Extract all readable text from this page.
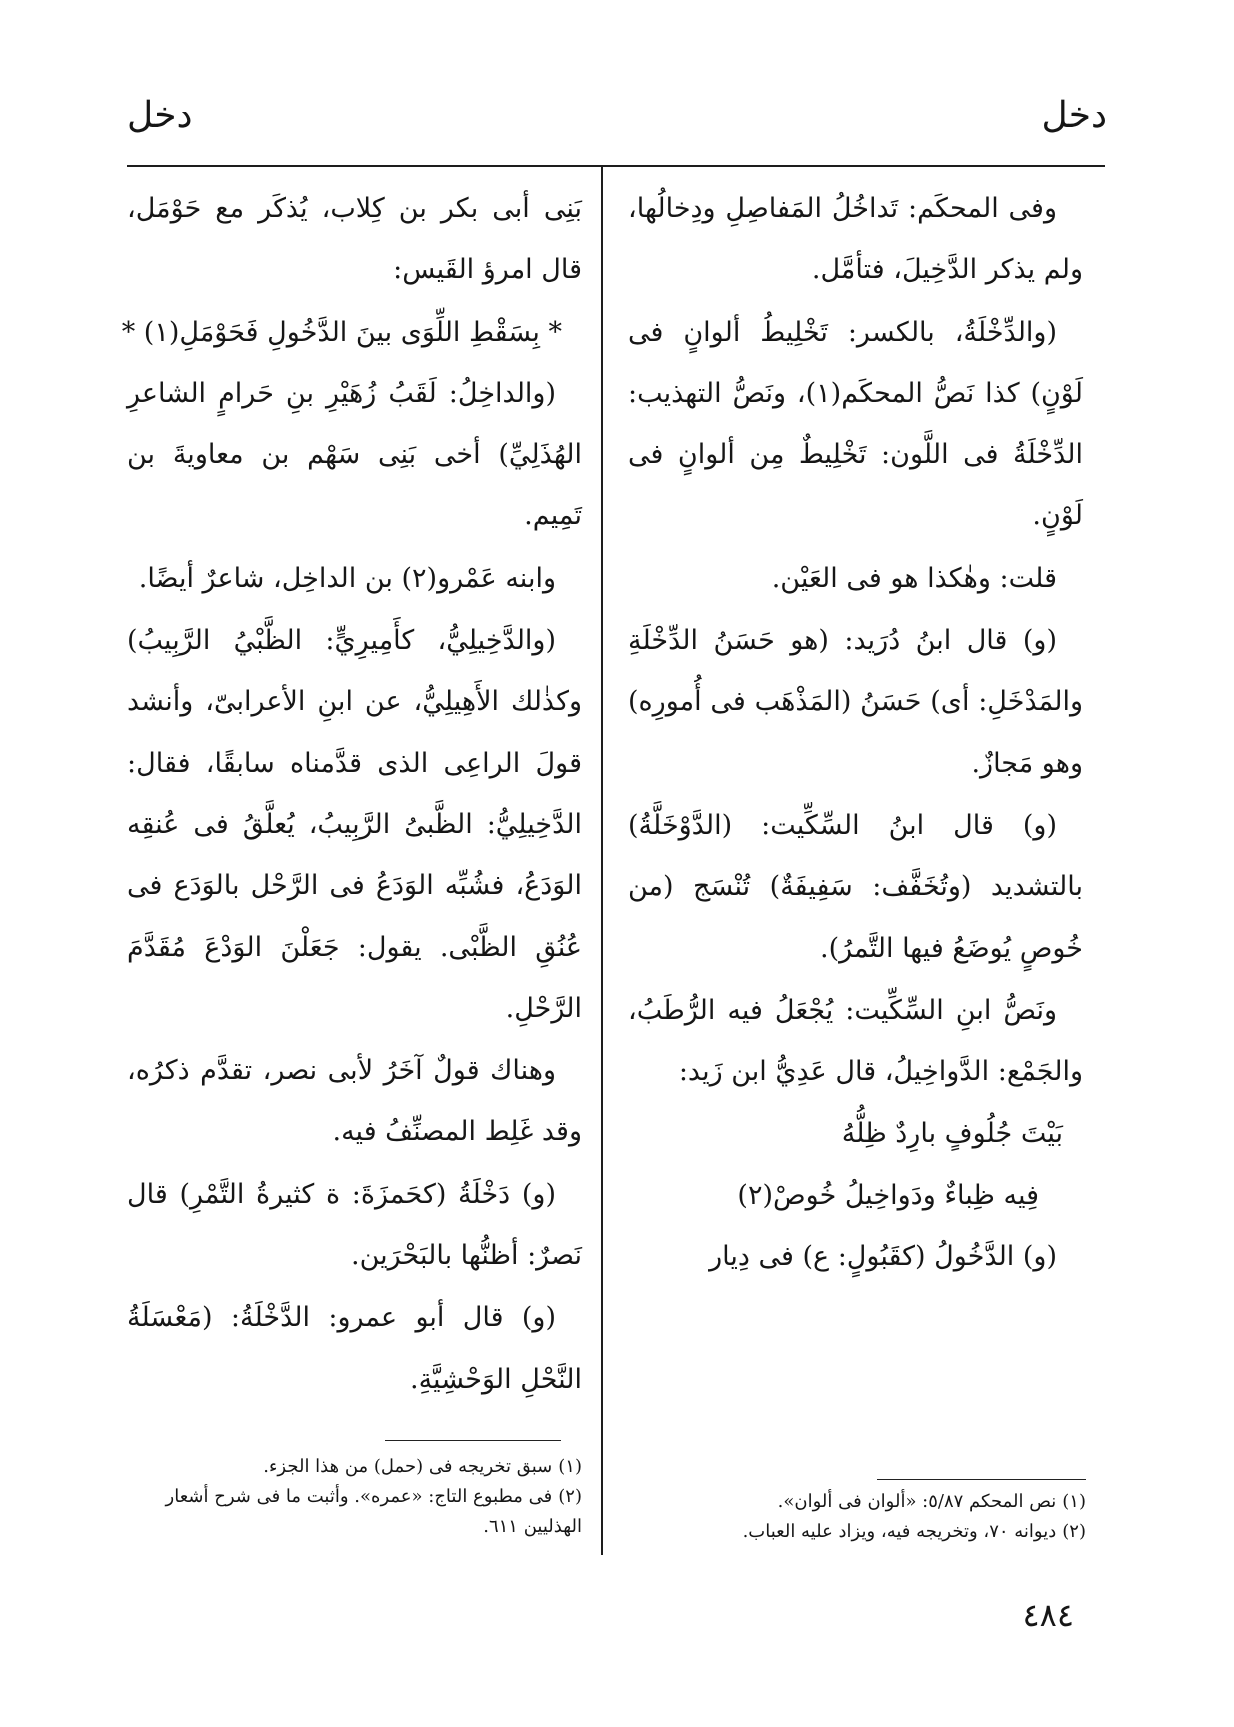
دخل
دخل

وفى المحكَم: تَداخُلُ المَفاصِلِ ودِخالُها، ولم يذكر الدَّخِيلَ، فتأمَّل.

(والدِّخْلَةُ، بالكسر: تَخْلِيطُ ألوانٍ فى لَوْنٍ) كذا نَصُّ المحكَم(١)، ونَصُّ التهذيب: الدِّخْلَةُ فى اللَّون: تَخْلِيطٌ مِن ألوانٍ فى لَوْنٍ.

قلت: وهٰكذا هو فى العَيْن.

(و) قال ابنُ دُرَيد: (هو حَسَنُ الدِّخْلَةِ والمَدْخَلِ: أى) حَسَنُ (المَذْهَب فى أُمورِه) وهو مَجازٌ.

(و) قال ابنُ السِّكِّيت: (الدَّوْخَلَّةُ) بالتشديد (وتُخَفَّف: سَفِيفَةٌ) تُنْسَج (من خُوصٍ يُوضَعُ فيها التَّمرُ).

ونَصُّ ابنِ السِّكِّيت: يُجْعَلُ فيه الرُّطَبُ، والجَمْع: الدَّواخِيلُ، قال عَدِيُّ ابن زَيد:

بَيْتَ جُلُوفٍ بارِدٌ ظِلُّهُ

فِيه ظِباءٌ ودَواخِيلُ خُوصْ(٢)

(و) الدَّخُولُ (كقَبُولٍ: ع) فى دِيار

بَنِى أبى بكر بن كِلاب، يُذكَر مع حَوْمَل، قال امرؤ القَيس:

* بِسَقْطِ اللِّوَى بينَ الدَّخُولِ فَحَوْمَلِ(١) *

(والداخِلُ: لَقَبُ زُهَيْرِ بنِ حَرامٍ الشاعرِ الهُذَلِيِّ) أخى بَنِى سَهْم بن معاويةَ بن تَمِيم.

وابنه عَمْرو(٢) بن الداخِل، شاعرٌ أيضًا.

(والدَّخِيلِيُّ، كأَمِيرِيٍّ: الظَّبْيُ الرَّبِيبُ) وكذٰلك الأَهِيلِيُّ، عن ابنِ الأعرابىّ، وأنشد قولَ الراعِى الذى قدَّمناه سابقًا، فقال: الدَّخِيلِيُّ: الظَّبىُ الرَّبِيبُ، يُعلَّقُ فى عُنقِه الوَدَعُ، فشُبِّه الوَدَعُ فى الرَّحْل بالوَدَع فى عُنُقِ الظَّبْى. يقول: جَعَلْنَ الوَدْعَ مُقَدَّمَ الرَّحْلِ.

وهناك قولٌ آخَرُ لأبى نصر، تقدَّم ذكرُه، وقد غَلِط المصنِّفُ فيه.

(و) دَخْلَةُ (كحَمزَةَ: ة كثيرةُ التَّمْرِ) قال نَصرٌ: أظنُّها بالبَحْرَين.

(و) قال أبو عمرو: الدَّخْلَةُ: (مَعْسَلَةُ النَّحْلِ الوَحْشِيَّةِ.

(١)نص المحكم ٥/٨٧: «ألوان فى ألوان».
(٢)ديوانه ٧٠، وتخريجه فيه، ويزاد عليه العباب.
(١)سبق تخريجه فى (حمل) من هذا الجزء.
(٢)فى مطبوع التاج: «عمره». وأثبت ما فى شرح أشعار الهذليين ٦١١.
٤٨٤
